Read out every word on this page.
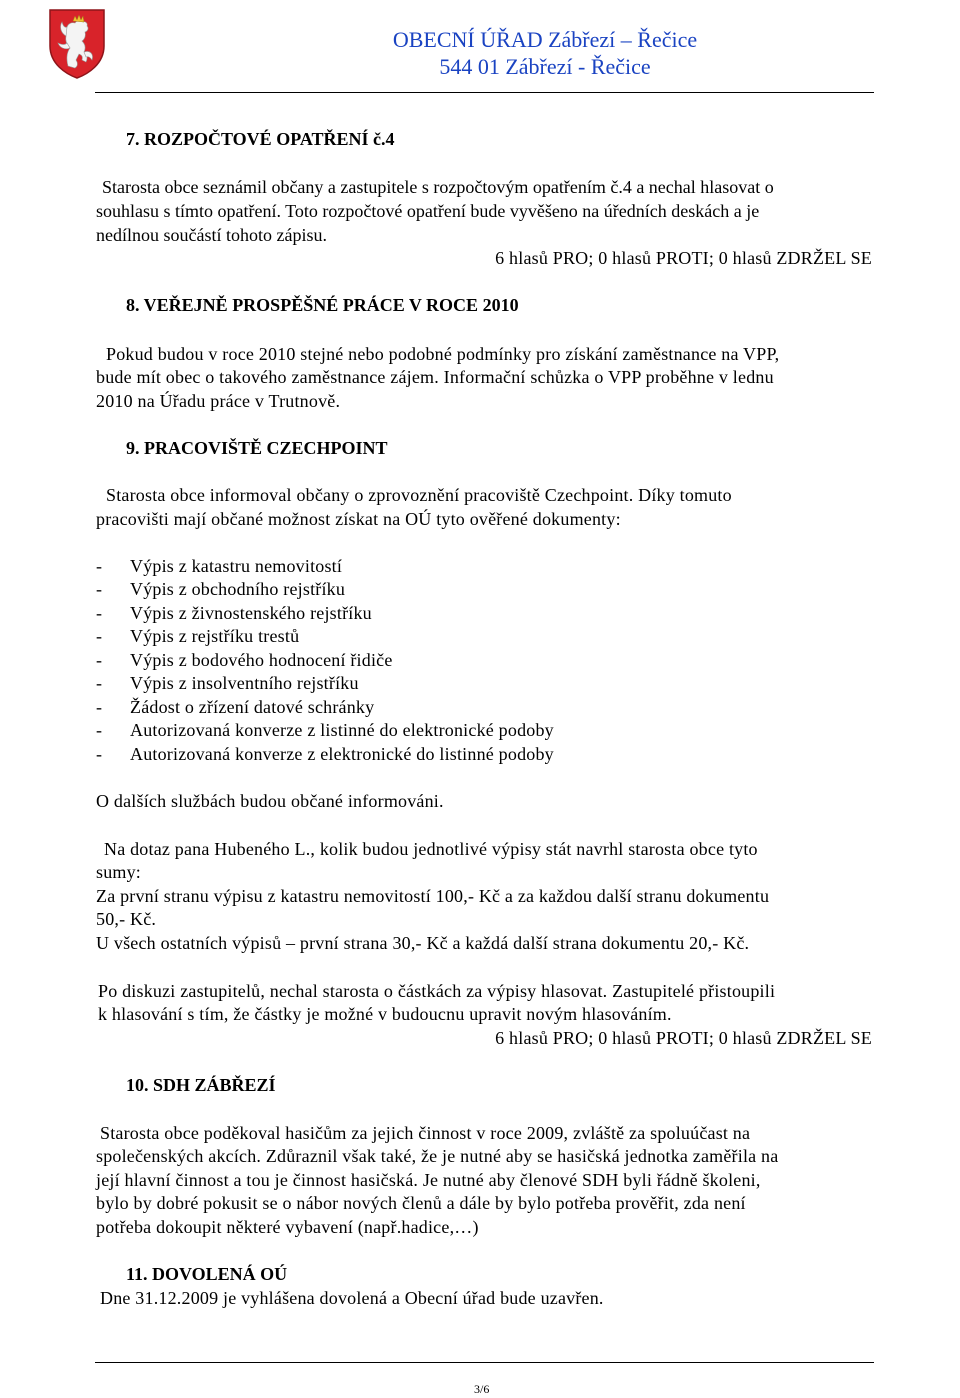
OBECNÍ ÚŘAD Zábřezí – Řečice
544 01 Zábřezí - Řečice
7. ROZPOČTOVÉ OPATŘENÍ č.4
Starosta obce seznámil občany a zastupitele s rozpočtovým opatřením č.4 a nechal hlasovat o
souhlasu s tímto opatření. Toto rozpočtové opatření bude vyvěšeno na úředních deskách a je
nedílnou součástí tohoto zápisu.
6 hlasů PRO; 0 hlasů PROTI; 0 hlasů ZDRŽEL SE
8. VEŘEJNĚ PROSPĚŠNÉ PRÁCE V ROCE 2010
Pokud budou v roce 2010 stejné nebo podobné podmínky pro získání zaměstnance na VPP,
bude mít obec o takového zaměstnance zájem. Informační schůzka o VPP proběhne v lednu
2010 na Úřadu práce v Trutnově.
9. PRACOVIŠTĚ CZECHPOINT
Starosta obce informoval občany o zprovoznění pracoviště Czechpoint. Díky tomuto
pracovišti mají občané možnost získat na OÚ tyto ověřené dokumenty:
- Výpis z katastru nemovitostí
- Výpis z obchodního rejstříku
- Výpis z živnostenského rejstříku
- Výpis z rejstříku trestů
- Výpis z bodového hodnocení řidiče
- Výpis z insolventního rejstříku
- Žádost o zřízení datové schránky
- Autorizovaná konverze z listinné do elektronické podoby
- Autorizovaná konverze z elektronické do listinné podoby
O dalších službách budou občané informováni.
Na dotaz pana Hubeného L., kolik budou jednotlivé výpisy stát navrhl starosta obce tyto
sumy:
Za první stranu výpisu z katastru nemovitostí 100,- Kč a za každou další stranu dokumentu
50,- Kč.
U všech ostatních výpisů – první strana 30,- Kč a každá další strana dokumentu 20,- Kč.
Po diskuzi zastupitelů, nechal starosta o částkách za výpisy hlasovat. Zastupitelé přistoupili
k hlasování s tím, že částky je možné v budoucnu upravit novým hlasováním.
6 hlasů PRO; 0 hlasů PROTI; 0 hlasů ZDRŽEL SE
10. SDH ZÁBŘEZÍ
Starosta obce poděkoval hasičům za jejich činnost v roce 2009, zvláště za spoluúčast na
společenských akcích. Zdůraznil však také, že je nutné aby se hasičská jednotka zaměřila na
její hlavní činnost a tou je činnost hasičská. Je nutné aby členové SDH byli řádně školeni,
bylo by dobré pokusit se o nábor nových členů a dále by bylo potřeba prověřit, zda není
potřeba dokoupit některé vybavení (např.hadice,…)
11. DOVOLENÁ OÚ
Dne 31.12.2009 je vyhlášena dovolená a Obecní úřad bude uzavřen.
3/6
